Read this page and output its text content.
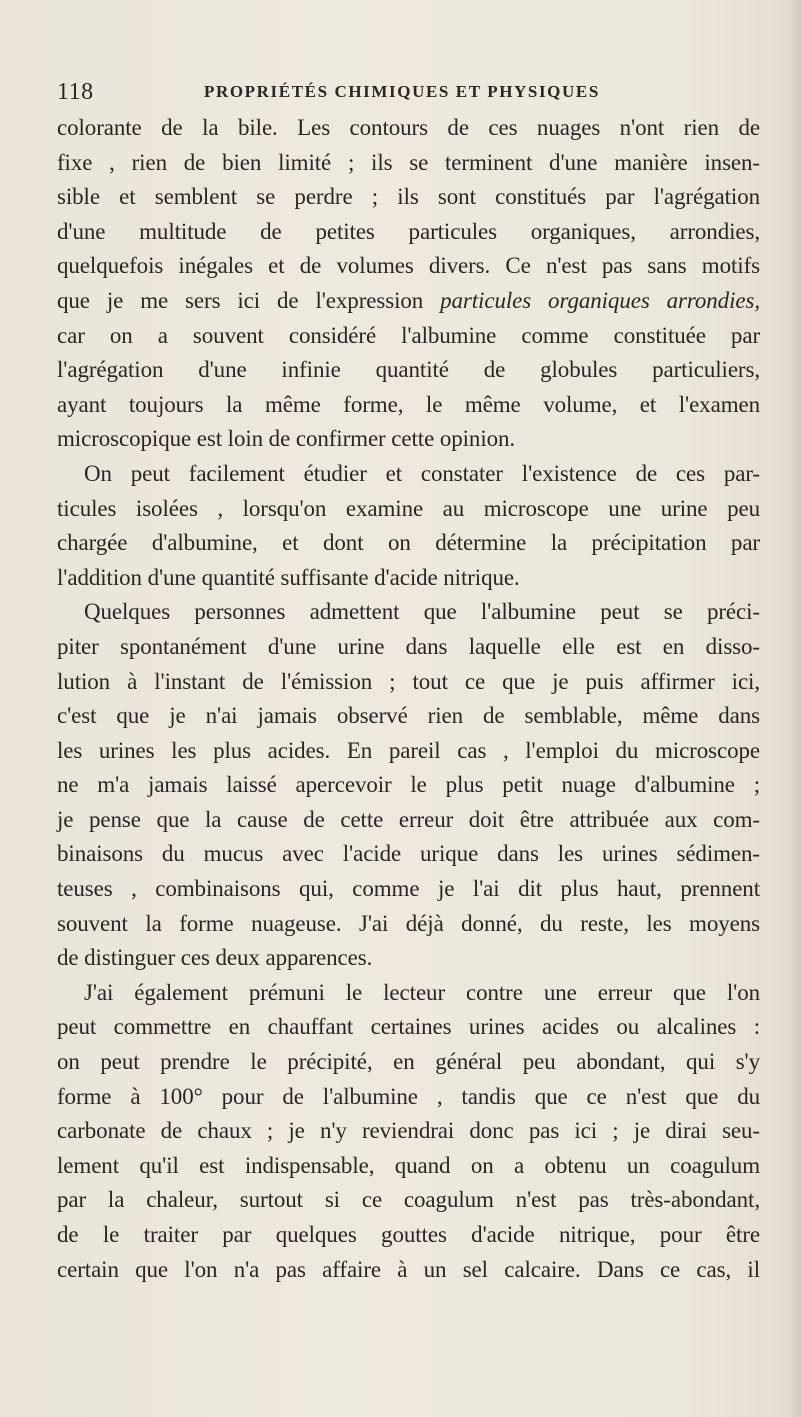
118	PROPRIÉTÉS CHIMIQUES ET PHYSIQUES
colorante de la bile. Les contours de ces nuages n'ont rien de
fixe , rien de bien limité ; ils se terminent d'une manière insen-
sible et semblent se perdre ; ils sont constitués par l'agrégation
d'une multitude de petites particules organiques, arrondies,
quelquefois inégales et de volumes divers. Ce n'est pas sans motifs
que je me sers ici de l'expression particules organiques arrondies,
car on a souvent considéré l'albumine comme constituée par
l'agrégation d'une infinie quantité de globules particuliers,
ayant toujours la même forme, le même volume, et l'examen
microscopique est loin de confirmer cette opinion.
On peut facilement étudier et constater l'existence de ces par-
ticules isolées , lorsqu'on examine au microscope une urine peu
chargée d'albumine, et dont on détermine la précipitation par
l'addition d'une quantité suffisante d'acide nitrique.
Quelques personnes admettent que l'albumine peut se préci-
piter spontanément d'une urine dans laquelle elle est en disso-
lution à l'instant de l'émission ; tout ce que je puis affirmer ici,
c'est que je n'ai jamais observé rien de semblable, même dans
les urines les plus acides. En pareil cas , l'emploi du microscope
ne m'a jamais laissé apercevoir le plus petit nuage d'albumine ;
je pense que la cause de cette erreur doit être attribuée aux com-
binaisons du mucus avec l'acide urique dans les urines sédimen-
teuses , combinaisons qui, comme je l'ai dit plus haut, prennent
souvent la forme nuageuse. J'ai déjà donné, du reste, les moyens
de distinguer ces deux apparences.
J'ai également prémuni le lecteur contre une erreur que l'on
peut commettre en chauffant certaines urines acides ou alcalines :
on peut prendre le précipité, en général peu abondant, qui s'y
forme à 100° pour de l'albumine , tandis que ce n'est que du
carbonate de chaux ; je n'y reviendrai donc pas ici ; je dirai seu-
lement qu'il est indispensable, quand on a obtenu un coagulum
par la chaleur, surtout si ce coagulum n'est pas très-abondant,
de le traiter par quelques gouttes d'acide nitrique, pour être
certain que l'on n'a pas affaire à un sel calcaire. Dans ce cas, il
